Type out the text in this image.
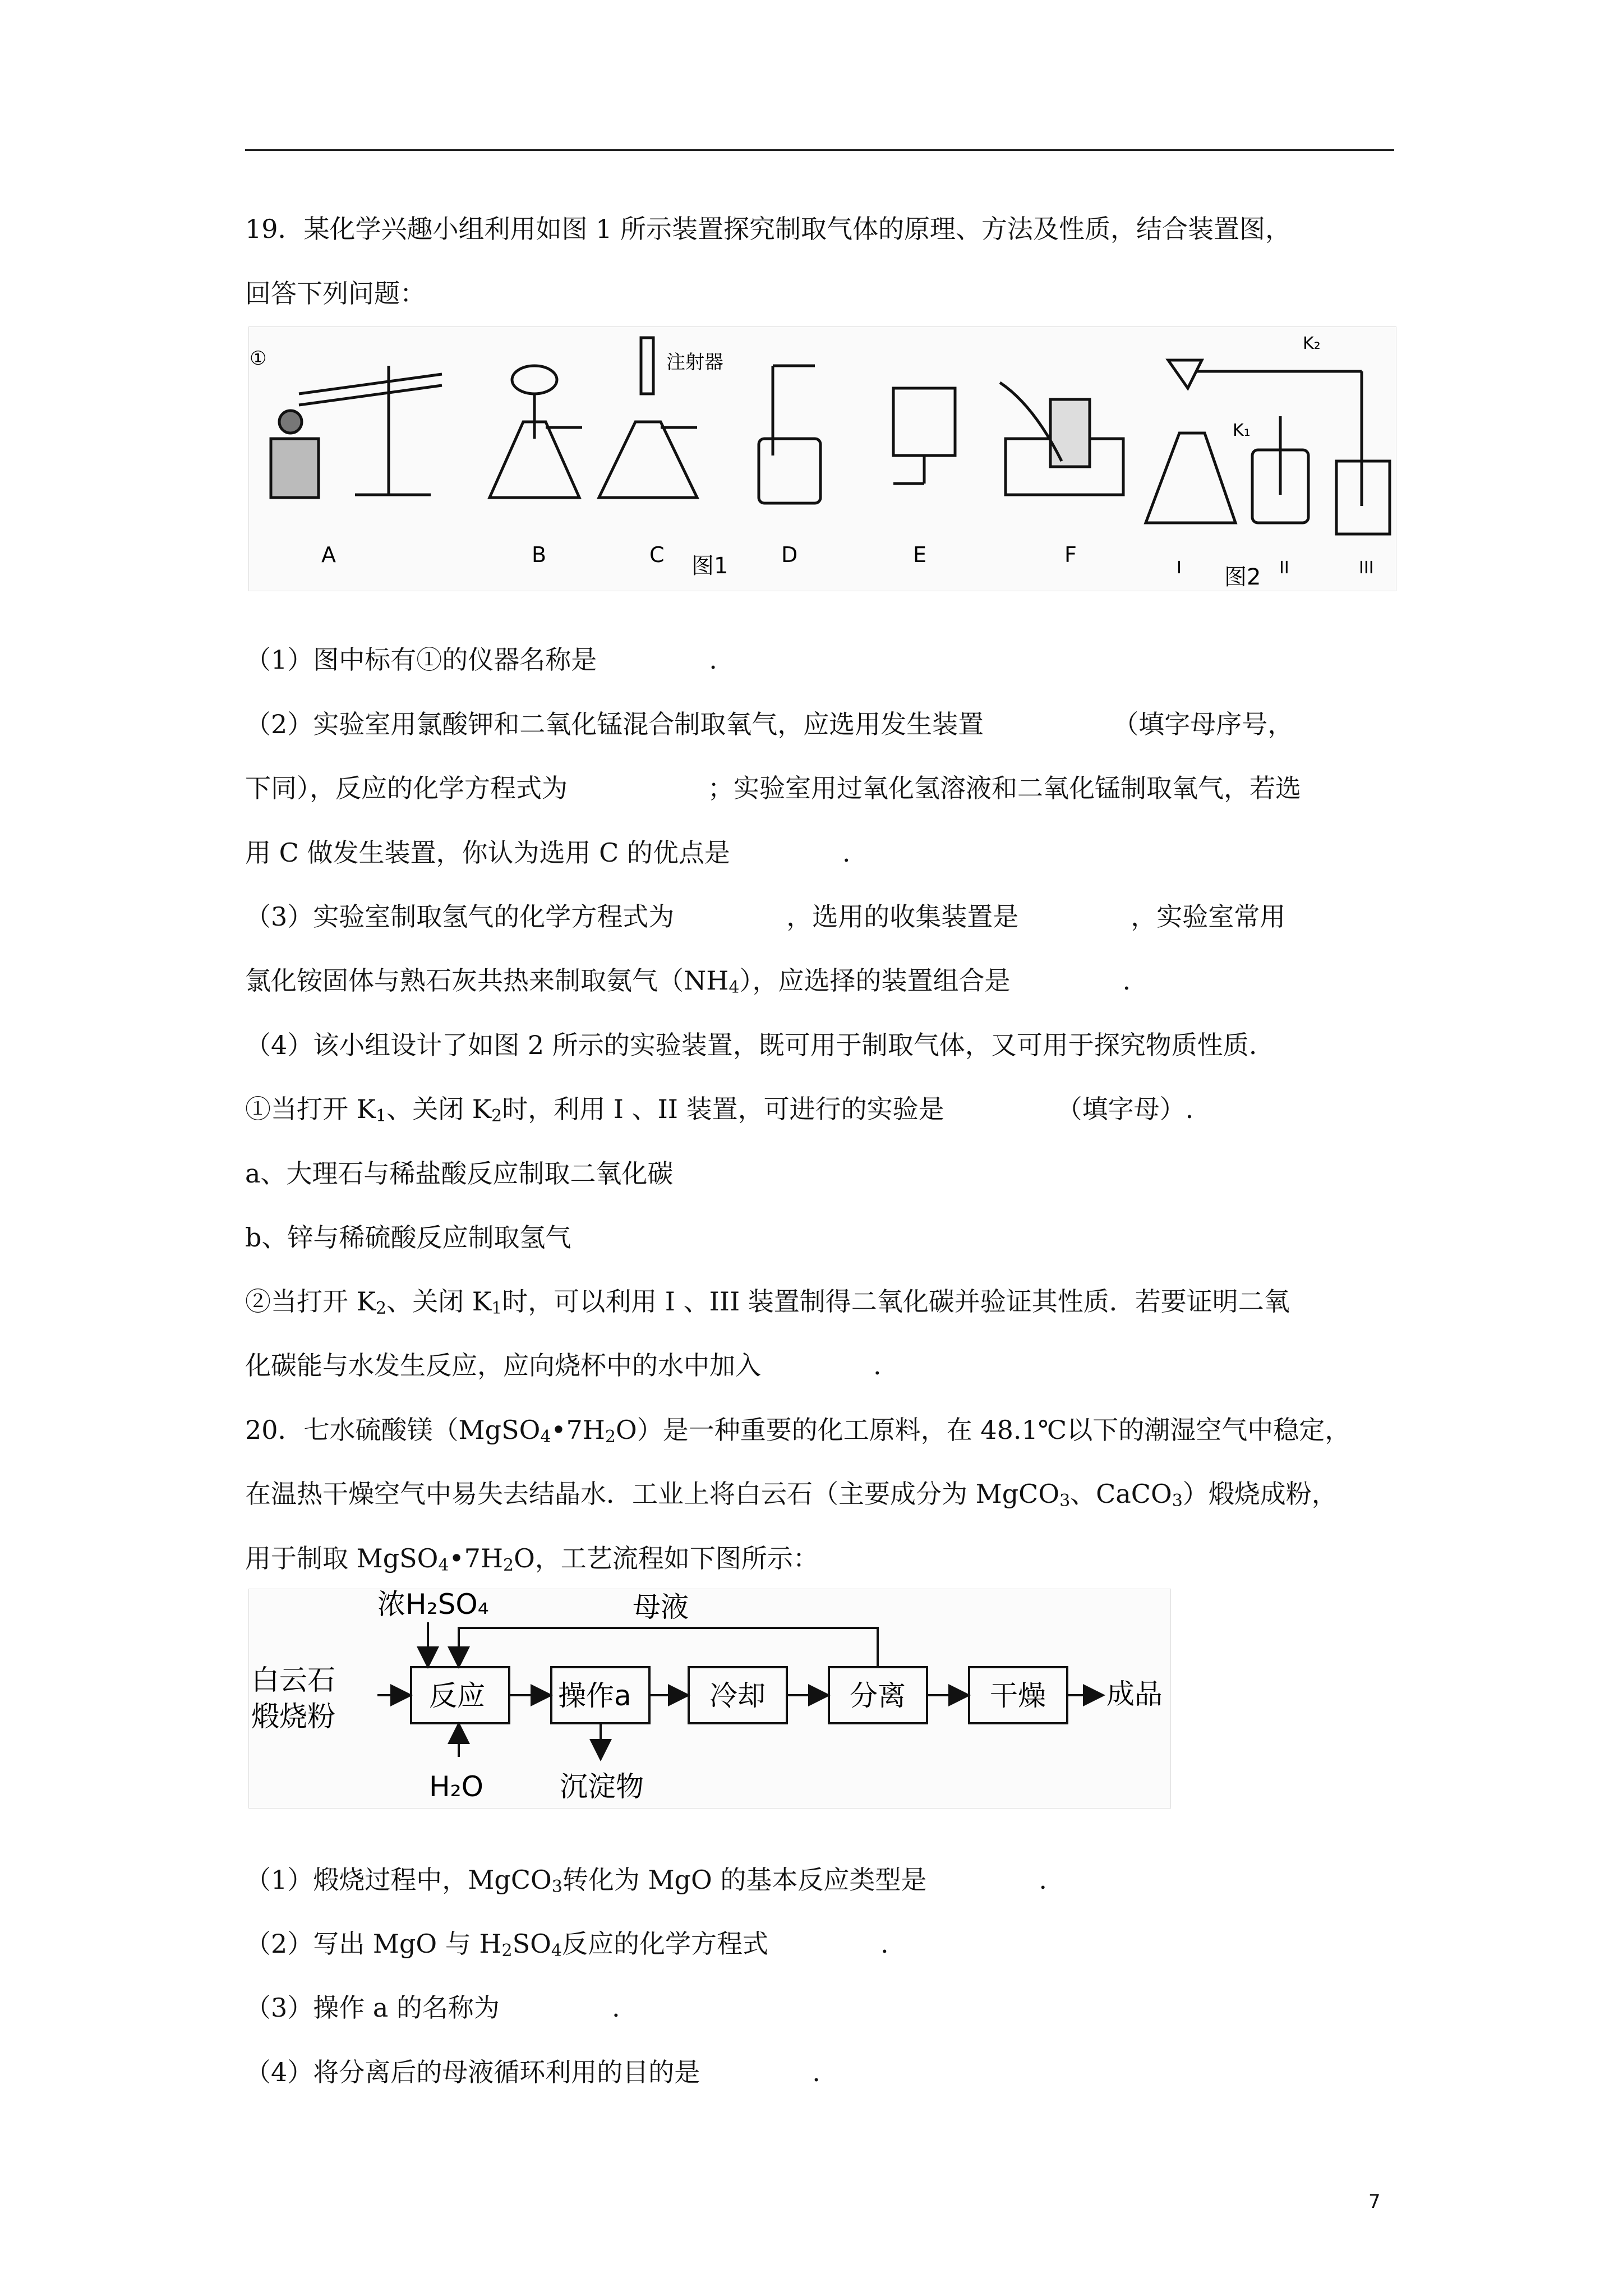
19．某化学兴趣小组利用如图 1 所示装置探究制取气体的原理、方法及性质，结合装置图，
回答下列问题：
①	注射器
K₁
K₂
A	B	C	D	E	F
图1	I 图2 II	III
（1）图中标有①的仪器名称是	.
（2）实验室用氯酸钾和二氧化锰混合制取氧气，应选用发生装置	（填字母序号，
下同），反应的化学方程式为	；实验室用过氧化氢溶液和二氧化锰制取氧气，若选
用 C 做发生装置，你认为选用 C 的优点是	.
（3）实验室制取氢气的化学方程式为	，选用的收集装置是	，实验室常用
氯化铵固体与熟石灰共热来制取氨气$(NH_4)$，应选择的装置组合是	.
（4）该小组设计了如图 2 所示的实验装置，既可用于制取气体，又可用于探究物质性质.
①当打开 $K_1$、关闭 $K_2$时，利用 I 、II 装置，可进行的实验是	（填字母）.
a、大理石与稀盐酸反应制取二氧化碳
b、锌与稀硫酸反应制取氢气
②当打开 $K_2$、关闭 $K_1$时，可以利用 I 、III 装置制得二氧化碳并验证其性质．若要证明二氧
化碳能与水发生反应，应向烧杯中的水中加入	.
20．七水硫酸镁$(MgSO_4•7H_2O)$是一种重要的化工原料，在 48.1℃以下的潮湿空气中稳定，
在温热干燥空气中易失去结晶水．工业上将白云石（主要成分为 MgCO$_3$、CaCO$_3$）煅烧成粉，
用于制取 $MgSO_4•7H_2O$，工艺流程如下图所示：
浓H₂SO₄	母液
白云石
煅烧粉
反应	操作a	冷却	分离	干燥 成品
H₂O	沉淀物
（1）煅烧过程中，MgCO$_3$转化为 MgO 的基本反应类型是	.
（2）写出 MgO 与 $H_2SO_4$反应的化学方程式	.
（3）操作 a 的名称为	.
（4）将分离后的母液循环利用的目的是	.
7
